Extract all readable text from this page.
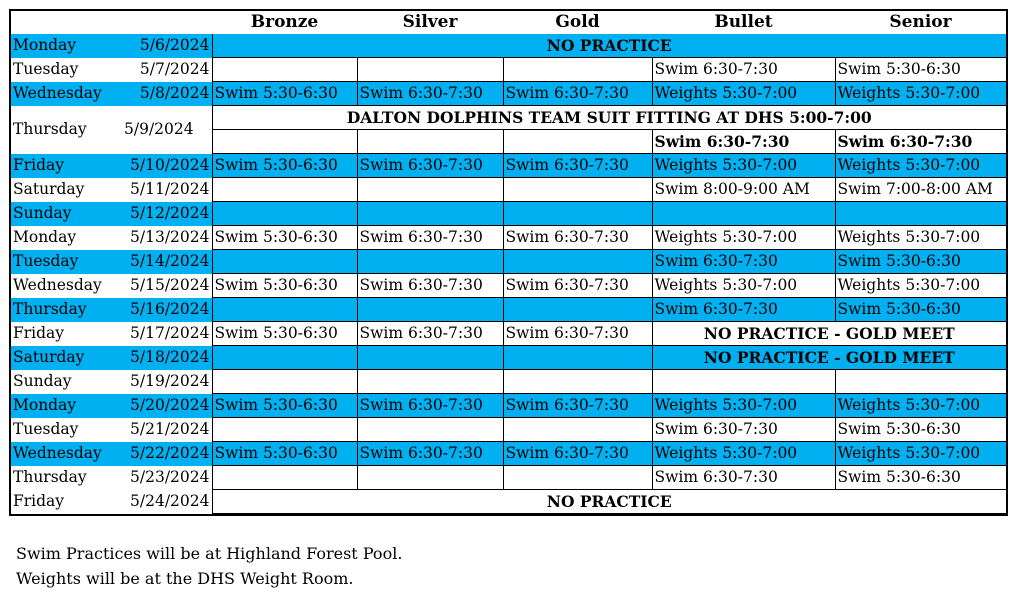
		Bronze	Silver	Gold	Bullet	Senior
Monday	5/6/2024	NO PRACTICE				
Tuesday	5/7/2024				Swim 6:30-7:30	Swim 5:30-6:30
Wednesday	5/8/2024	Swim 5:30-6:30	Swim 6:30-7:30	Swim 6:30-7:30	Weights 5:30-7:00	Weights 5:30-7:00
Thursday	5/9/2024	DALTON DOLPHINS TEAM SUIT FITTING AT DHS 5:00-7:00				
					Swim 6:30-7:30	Swim 6:30-7:30
Friday	5/10/2024	Swim 5:30-6:30	Swim 6:30-7:30	Swim 6:30-7:30	Weights 5:30-7:00	Weights 5:30-7:00
Saturday	5/11/2024				Swim 8:00-9:00 AM	Swim 7:00-8:00 AM
Sunday	5/12/2024					
Monday	5/13/2024	Swim 5:30-6:30	Swim 6:30-7:30	Swim 6:30-7:30	Weights 5:30-7:00	Weights 5:30-7:00
Tuesday	5/14/2024				Swim 6:30-7:30	Swim 5:30-6:30
Wednesday	5/15/2024	Swim 5:30-6:30	Swim 6:30-7:30	Swim 6:30-7:30	Weights 5:30-7:00	Weights 5:30-7:00
Thursday	5/16/2024				Swim 6:30-7:30	Swim 5:30-6:30
Friday	5/17/2024	Swim 5:30-6:30	Swim 6:30-7:30	Swim 6:30-7:30	NO PRACTICE - GOLD MEET	
Saturday	5/18/2024				NO PRACTICE - GOLD MEET	
Sunday	5/19/2024					
Monday	5/20/2024	Swim 5:30-6:30	Swim 6:30-7:30	Swim 6:30-7:30	Weights 5:30-7:00	Weights 5:30-7:00
Tuesday	5/21/2024				Swim 6:30-7:30	Swim 5:30-6:30
Wednesday	5/22/2024	Swim 5:30-6:30	Swim 6:30-7:30	Swim 6:30-7:30	Weights 5:30-7:00	Weights 5:30-7:00
Thursday	5/23/2024				Swim 6:30-7:30	Swim 5:30-6:30
Friday	5/24/2024	NO PRACTICE				
Swim Practices will be at Highland Forest Pool.
Weights will be at the DHS Weight Room.
